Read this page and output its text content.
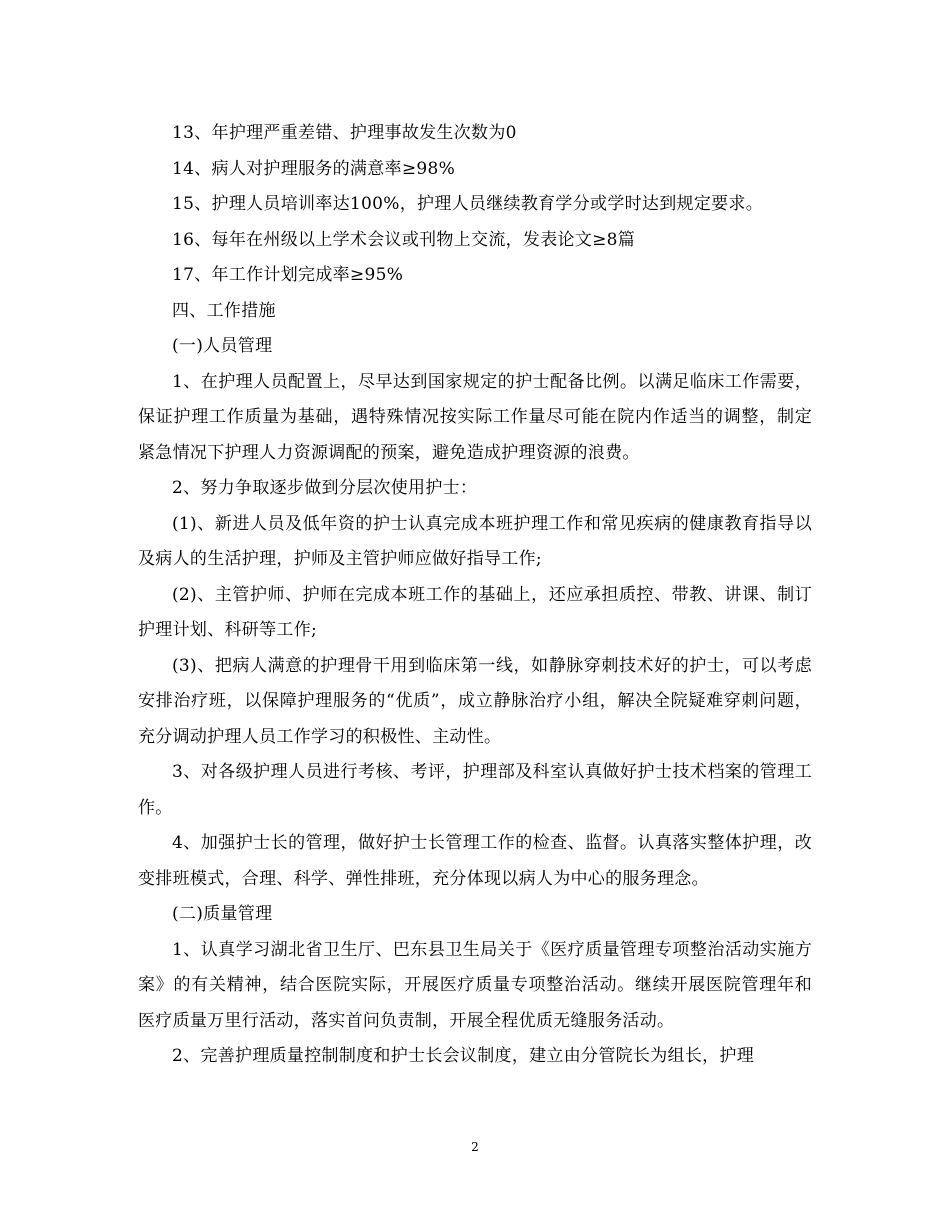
13、年护理严重差错、护理事故发生次数为0

14、病人对护理服务的满意率≥98%

15、护理人员培训率达100%，护理人员继续教育学分或学时达到规定要求。

16、每年在州级以上学术会议或刊物上交流，发表论文≥8篇

17、年工作计划完成率≥95%

四、工作措施

(一)人员管理

1、在护理人员配置上，尽早达到国家规定的护士配备比例。以满足临床工作需要，保证护理工作质量为基础，遇特殊情况按实际工作量尽可能在院内作适当的调整，制定紧急情况下护理人力资源调配的预案，避免造成护理资源的浪费。

2、努力争取逐步做到分层次使用护士：

(1)、新进人员及低年资的护士认真完成本班护理工作和常见疾病的健康教育指导以及病人的生活护理，护师及主管护师应做好指导工作;

(2)、主管护师、护师在完成本班工作的基础上，还应承担质控、带教、讲课、制订护理计划、科研等工作;

(3)、把病人满意的护理骨干用到临床第一线，如静脉穿刺技术好的护士，可以考虑安排治疗班，以保障护理服务的“优质”，成立静脉治疗小组，解决全院疑难穿刺问题，充分调动护理人员工作学习的积极性、主动性。

3、对各级护理人员进行考核、考评，护理部及科室认真做好护士技术档案的管理工作。

4、加强护士长的管理，做好护士长管理工作的检查、监督。认真落实整体护理，改变排班模式，合理、科学、弹性排班，充分体现以病人为中心的服务理念。

(二)质量管理

1、认真学习湖北省卫生厅、巴东县卫生局关于《医疗质量管理专项整治活动实施方案》的有关精神，结合医院实际，开展医疗质量专项整治活动。继续开展医院管理年和医疗质量万里行活动，落实首问负责制，开展全程优质无缝服务活动。

2、完善护理质量控制制度和护士长会议制度，建立由分管院长为组长，护理

2
